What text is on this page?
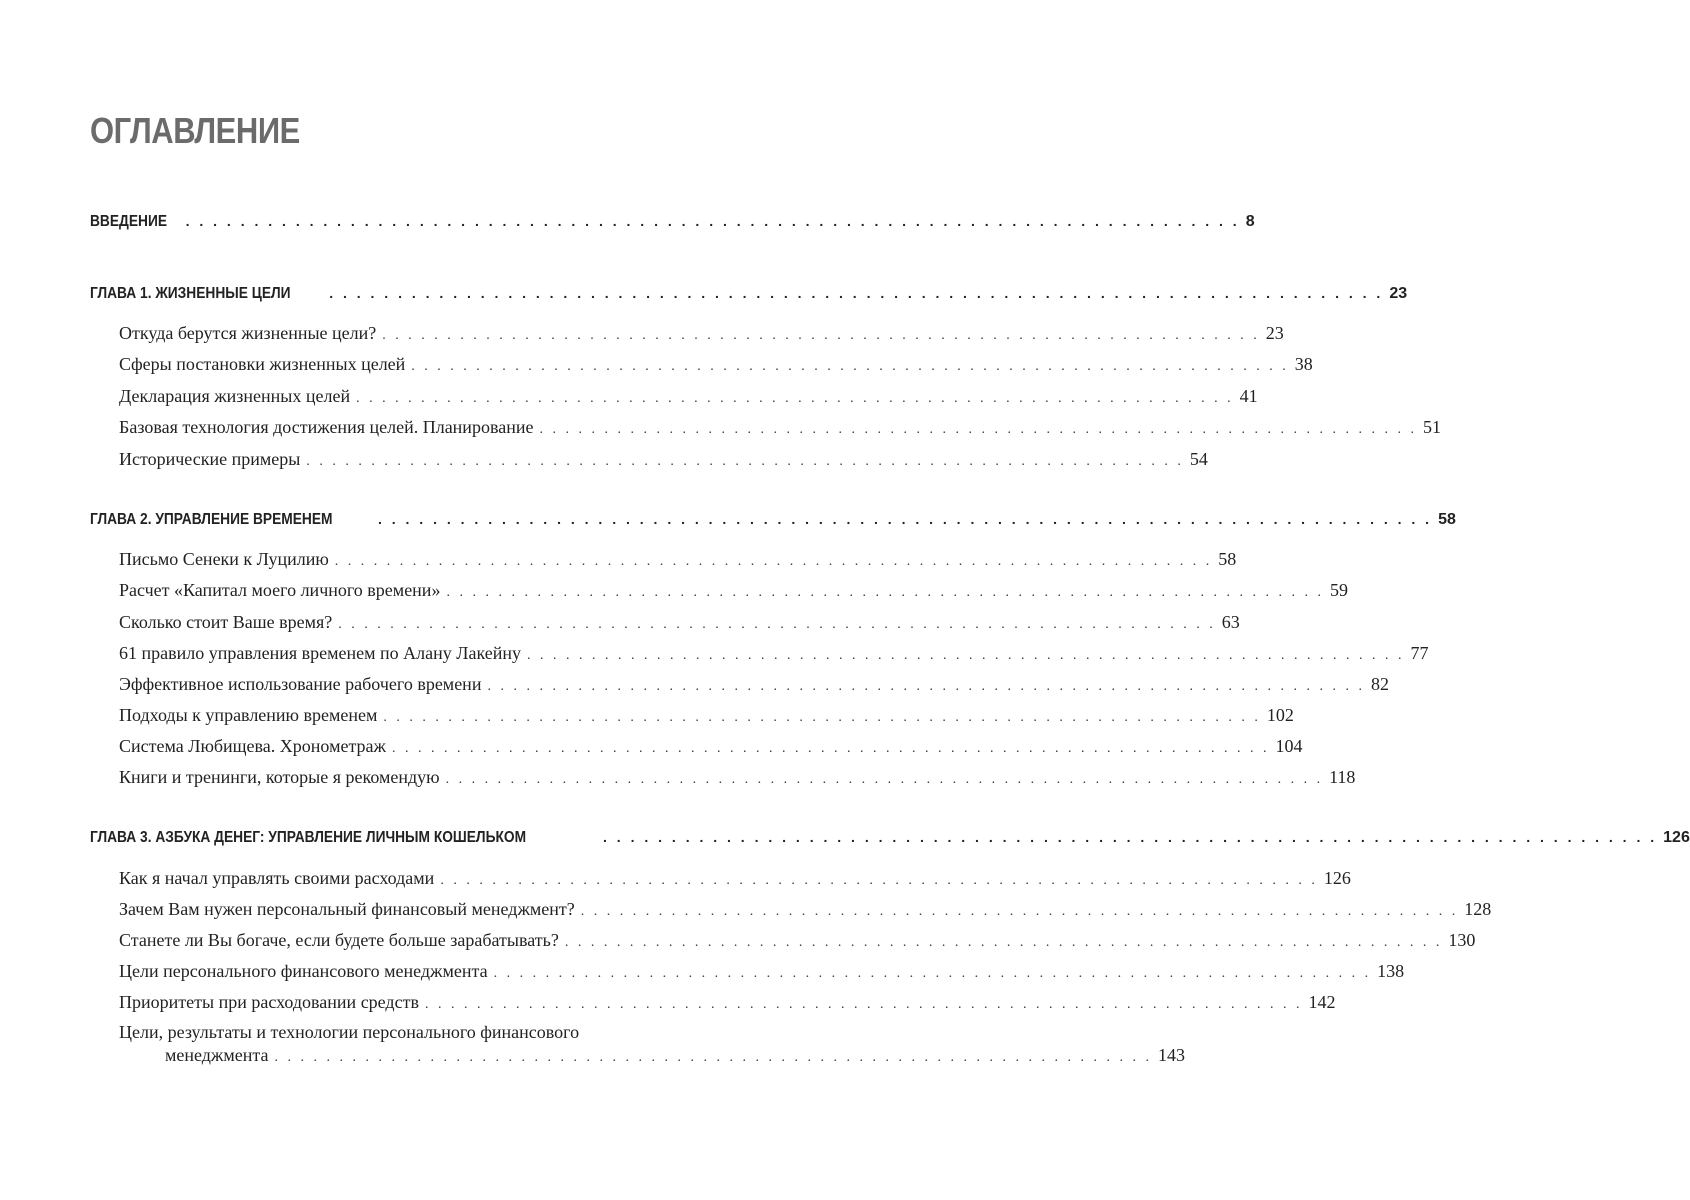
ОГЛАВЛЕНИЕ
ВВЕДЕНИЕ . . . . . . . . . . . . . . . . . . . . . . . . . . . . . . . . . . . . . . . . . . . . . . . . . . . . . . . . . . . . . . . . . . . . . . . . . . . . . 8
ГЛАВА 1. ЖИЗНЕННЫЕ ЦЕЛИ	. . . . . . . . . . . . . . . . . . . . . . . . . . . . . . . . . . . . . . . . . . . . . . . . . . . . . . . . . . . . . . . . . . . . . . . . . . . . . 23
Откуда берутся жизненные цели? . . . . . . . . . . . . . . . . . . . . . . . . . . . . . . . . . . . . . . . . . . . . . . . . . . . . . . . . . . . . . . . . . . . . 23
Сферы постановки жизненных целей . . . . . . . . . . . . . . . . . . . . . . . . . . . . . . . . . . . . . . . . . . . . . . . . . . . . . . . . . . . . . . . . . . . . 38
Декларация жизненных целей . . . . . . . . . . . . . . . . . . . . . . . . . . . . . . . . . . . . . . . . . . . . . . . . . . . . . . . . . . . . . . . . . . . . 41
Базовая технология достижения целей. Планирование . . . . . . . . . . . . . . . . . . . . . . . . . . . . . . . . . . . . . . . . . . . . . . . . . . . . . . . . . . . . . . . . . . . . 51
Исторические примеры . . . . . . . . . . . . . . . . . . . . . . . . . . . . . . . . . . . . . . . . . . . . . . . . . . . . . . . . . . . . . . . . . . . . 54
ГЛАВА 2. УПРАВЛЕНИЕ ВРЕМЕНЕМ	. . . . . . . . . . . . . . . . . . . . . . . . . . . . . . . . . . . . . . . . . . . . . . . . . . . . . . . . . . . . . . . . . . . . . . . . . . . . . 58
Письмо Сенеки к Луцилию . . . . . . . . . . . . . . . . . . . . . . . . . . . . . . . . . . . . . . . . . . . . . . . . . . . . . . . . . . . . . . . . . . . . 58
Расчет «Капитал моего личного времени» . . . . . . . . . . . . . . . . . . . . . . . . . . . . . . . . . . . . . . . . . . . . . . . . . . . . . . . . . . . . . . . . . . . . 59
Сколько стоит Ваше время? . . . . . . . . . . . . . . . . . . . . . . . . . . . . . . . . . . . . . . . . . . . . . . . . . . . . . . . . . . . . . . . . . . . . 63
61 правило управления временем по Алану Лакейну . . . . . . . . . . . . . . . . . . . . . . . . . . . . . . . . . . . . . . . . . . . . . . . . . . . . . . . . . . . . . . . . . . . . 77
Эффективное использование рабочего времени . . . . . . . . . . . . . . . . . . . . . . . . . . . . . . . . . . . . . . . . . . . . . . . . . . . . . . . . . . . . . . . . . . . . 82
Подходы к управлению временем . . . . . . . . . . . . . . . . . . . . . . . . . . . . . . . . . . . . . . . . . . . . . . . . . . . . . . . . . . . . . . . . . . . . 102
Система Любищева. Хронометраж . . . . . . . . . . . . . . . . . . . . . . . . . . . . . . . . . . . . . . . . . . . . . . . . . . . . . . . . . . . . . . . . . . . . 104
Книги и тренинги, которые я рекомендую . . . . . . . . . . . . . . . . . . . . . . . . . . . . . . . . . . . . . . . . . . . . . . . . . . . . . . . . . . . . . . . . . . . . 118
ГЛАВА 3. АЗБУКА ДЕНЕГ: УПРАВЛЕНИЕ ЛИЧНЫМ КОШЕЛЬКОМ	. . . . . . . . . . . . . . . . . . . . . . . . . . . . . . . . . . . . . . . . . . . . . . . . . . . . . . . . . . . . . . . . . . . . . . . . . . . . . 126
Как я начал управлять своими расходами . . . . . . . . . . . . . . . . . . . . . . . . . . . . . . . . . . . . . . . . . . . . . . . . . . . . . . . . . . . . . . . . . . . . 126
Зачем Вам нужен персональный финансовый менеджмент? . . . . . . . . . . . . . . . . . . . . . . . . . . . . . . . . . . . . . . . . . . . . . . . . . . . . . . . . . . . . . . . . . . . . 128
Станете ли Вы богаче, если будете больше зарабатывать? . . . . . . . . . . . . . . . . . . . . . . . . . . . . . . . . . . . . . . . . . . . . . . . . . . . . . . . . . . . . . . . . . . . . 130
Цели персонального финансового менеджмента . . . . . . . . . . . . . . . . . . . . . . . . . . . . . . . . . . . . . . . . . . . . . . . . . . . . . . . . . . . . . . . . . . . . 138
Приоритеты при расходовании средств . . . . . . . . . . . . . . . . . . . . . . . . . . . . . . . . . . . . . . . . . . . . . . . . . . . . . . . . . . . . . . . . . . . . 142
Цели, результаты и технологии персонального финансового
менеджмента . . . . . . . . . . . . . . . . . . . . . . . . . . . . . . . . . . . . . . . . . . . . . . . . . . . . . . . . . . . . . . . . . . . . 143
